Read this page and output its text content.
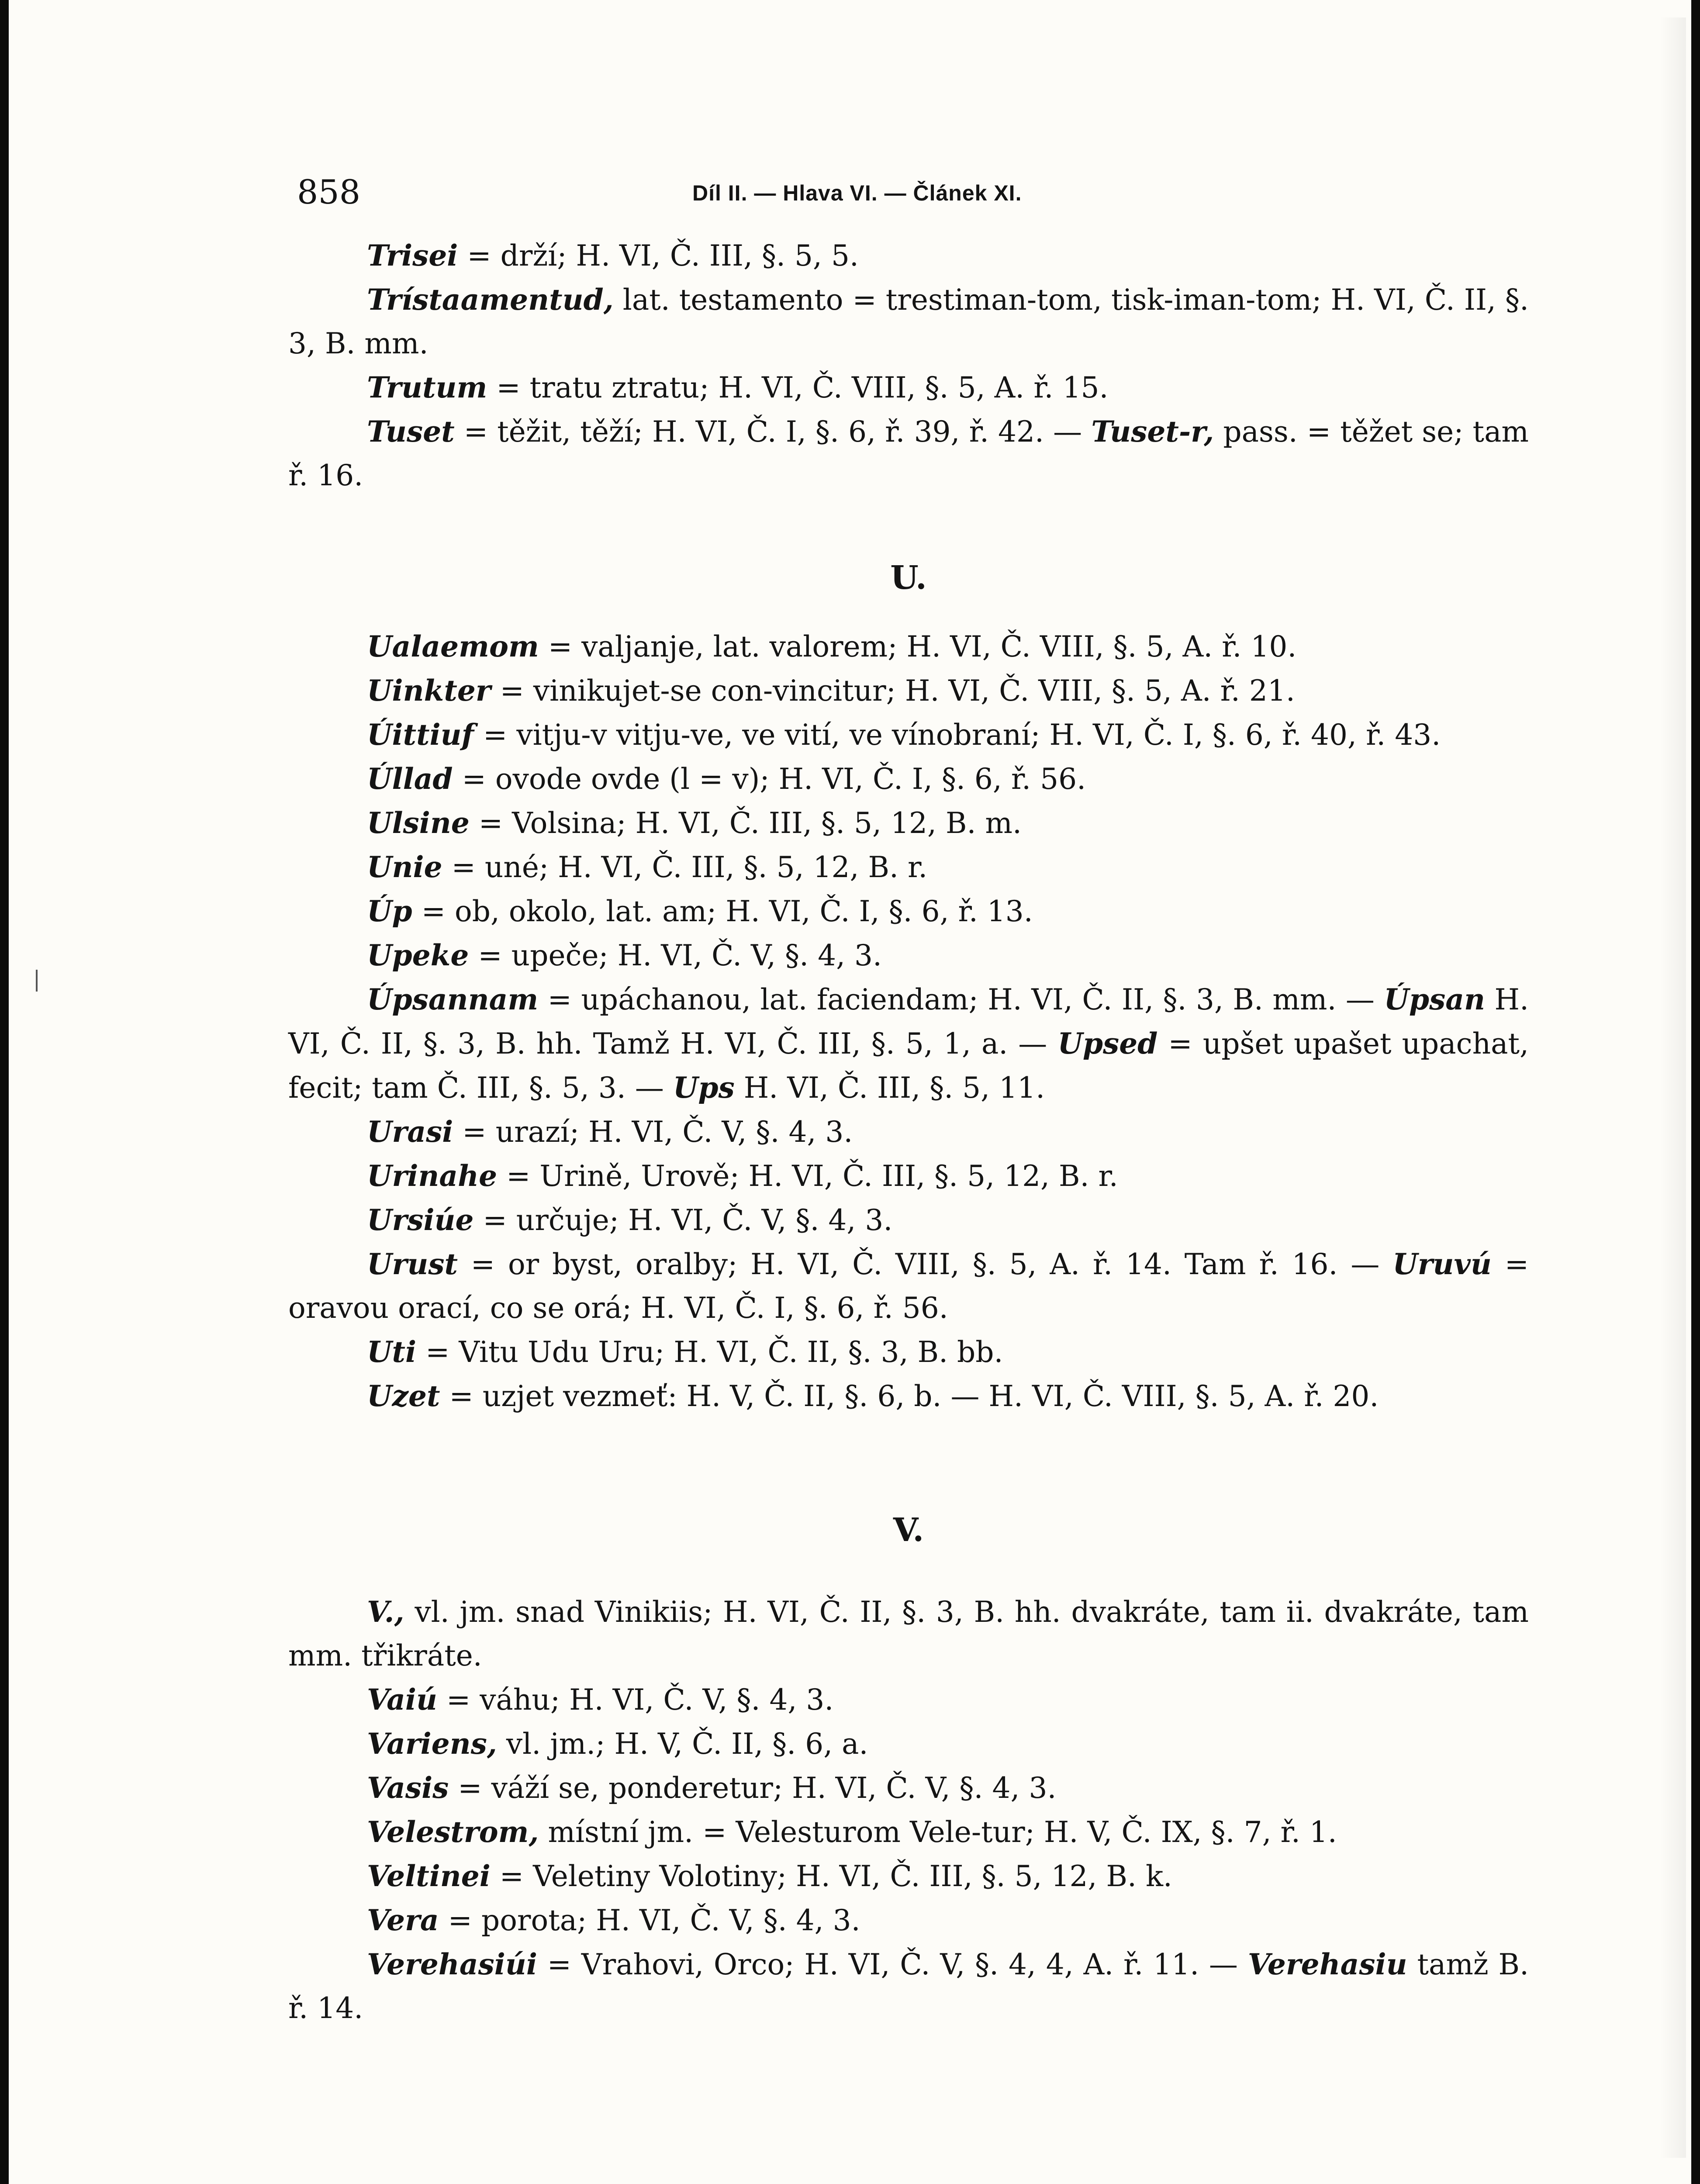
858	Díl II. — Hlava VI. — Článek XI.

Trisei = drží; H. VI, Č. III, §. 5, 5.

Trístaamentud, lat. testamento = trestiman-tom, tisk-iman-tom; H. VI, Č. II, §. 3, B. mm.

Trutum = tratu ztratu; H. VI, Č. VIII, §. 5, A. ř. 15.

Tuset = těžit, těží; H. VI, Č. I, §. 6, ř. 39, ř. 42. — Tuset-r, pass. = těžet se; tam ř. 16.

U.

Ualaemom = valjanje, lat. valorem; H. VI, Č. VIII, §. 5, A. ř. 10.

Uinkter = vinikujet-se con-vincitur; H. VI, Č. VIII, §. 5, A. ř. 21.

Úittiuf = vitju-v vitju-ve, ve vití, ve vínobraní; H. VI, Č. I, §. 6, ř. 40, ř. 43.

Úllad = ovode ovde (l = v); H. VI, Č. I, §. 6, ř. 56.

Ulsine = Volsina; H. VI, Č. III, §. 5, 12, B. m.

Unie = uné; H. VI, Č. III, §. 5, 12, B. r.

Úp = ob, okolo, lat. am; H. VI, Č. I, §. 6, ř. 13.

Upeke = upeče; H. VI, Č. V, §. 4, 3.

Úpsannam = upáchanou, lat. faciendam; H. VI, Č. II, §. 3, B. mm. — Úpsan H. VI, Č. II, §. 3, B. hh. Tamž H. VI, Č. III, §. 5, 1, a. — Upsed = upšet upašet upachat, fecit; tam Č. III, §. 5, 3. — Ups H. VI, Č. III, §. 5, 11.

Urasi = urazí; H. VI, Č. V, §. 4, 3.

Urinahe = Urině, Urově; H. VI, Č. III, §. 5, 12, B. r.

Ursiúe = určuje; H. VI, Č. V, §. 4, 3.

Urust = or byst, oralby; H. VI, Č. VIII, §. 5, A. ř. 14. Tam ř. 16. — Uruvú = oravou orací, co se orá; H. VI, Č. I, §. 6, ř. 56.

Uti = Vitu Udu Uru; H. VI, Č. II, §. 3, B. bb.

Uzet = uzjet vezmeť: H. V, Č. II, §. 6, b. — H. VI, Č. VIII, §. 5, A. ř. 20.

V.

V., vl. jm. snad Vinikiis; H. VI, Č. II, §. 3, B. hh. dvakráte, tam ii. dvakráte, tam mm. třikráte.

Vaiú = váhu; H. VI, Č. V, §. 4, 3.

Variens, vl. jm.; H. V, Č. II, §. 6, a.

Vasis = váží se, ponderetur; H. VI, Č. V, §. 4, 3.

Velestrom, místní jm. = Velesturom Vele-tur; H. V, Č. IX, §. 7, ř. 1.

Veltinei = Veletiny Volotiny; H. VI, Č. III, §. 5, 12, B. k.

Vera = porota; H. VI, Č. V, §. 4, 3.

Verehasiúi = Vrahovi, Orco; H. VI, Č. V, §. 4, 4, A. ř. 11. — Verehasiu tamž B. ř. 14.
